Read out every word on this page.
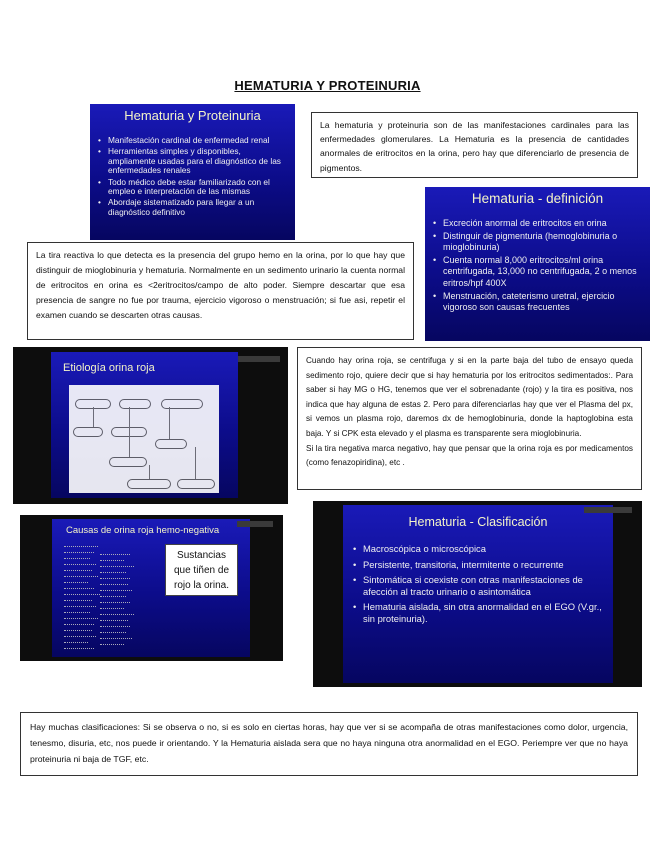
HEMATURIA Y PROTEINURIA
Hematuria y Proteinuria
• Manifestación cardinal de enfermedad renal
• Herramientas simples y disponibles, ampliamente usadas para el diagnóstico de las enfermedades renales
• Todo médico debe estar familiarizado con el empleo e interpretación de las mismas
• Abordaje sistematizado para llegar a un diagnóstico definitivo
La hematuria y proteinuria son de las manifestaciones cardinales para las enfermedades glomerulares. La Hematuria es la presencia de cantidades anormales de eritrocitos en la orina, pero hay que diferenciarlo de presencia de pigmentos.
Hematuria - definición
• Excreción anormal de eritrocitos en orina
• Distinguir de pigmenturia (hemoglobinuria o mioglobinuria)
• Cuenta normal 8,000 eritrocitos/ml orina centrifugada, 13,000 no centrifugada, 2 o menos eritros/hpf 400X
• Menstruación, cateterismo uretral, ejercicio vigoroso son causas frecuentes
La tira reactiva lo que detecta es la presencia del grupo hemo en la orina, por lo que hay que distinguir de mioglobinuria y hematuria. Normalmente en un sedimento urinario la cuenta normal de eritrocitos en orina es <2eritrocitos/campo de alto poder. Siempre descartar que esa presencia de sangre no fue por trauma, ejercicio vigoroso o menstruación; si fue asi, repetir el examen cuando se descarten otras causas.
Etiología orina roja
Cuando hay orina roja, se centrifuga y si en la parte baja del tubo de ensayo queda sedimento rojo, quiere decir que si hay hematuria por los eritrocitos sedimentados:. Para saber si hay MG o HG, tenemos que ver el sobrenadante (rojo) y la tira es positiva, nos indica que hay alguna de estas 2. Pero para diferenciarlas hay que ver el Plasma del px, si vemos un plasma rojo, daremos dx de hemoglobinuria, donde la haptoglobina esta baja. Y si CPK esta elevado y el plasma es transparente sera mioglobinuria.
Si la tira negativa marca negativo, hay que pensar que la orina roja es por medicamentos (como fenazopiridina), etc .
Causas de orina roja hemo-negativa
Sustancias que tiñen de rojo la orina.
Hematuria - Clasificación
• Macroscópica o microscópica
• Persistente, transitoria, intermitente o recurrente
• Sintomática si coexiste con otras manifestaciones de afección al tracto urinario o asintomática
• Hematuria aislada, sin otra anormalidad en el EGO (V.gr., sin proteinuria).
Hay muchas clasificaciones: Si se observa o no, si es solo en ciertas horas, hay que ver si se acompaña de otras manifestaciones como dolor, urgencia, tenesmo, disuria, etc, nos puede ir orientando. Y la Hematuria aislada sera que no haya ninguna otra anormalidad en el EGO. Periempre ver que no haya proteinuria ni baja de TGF, etc.
